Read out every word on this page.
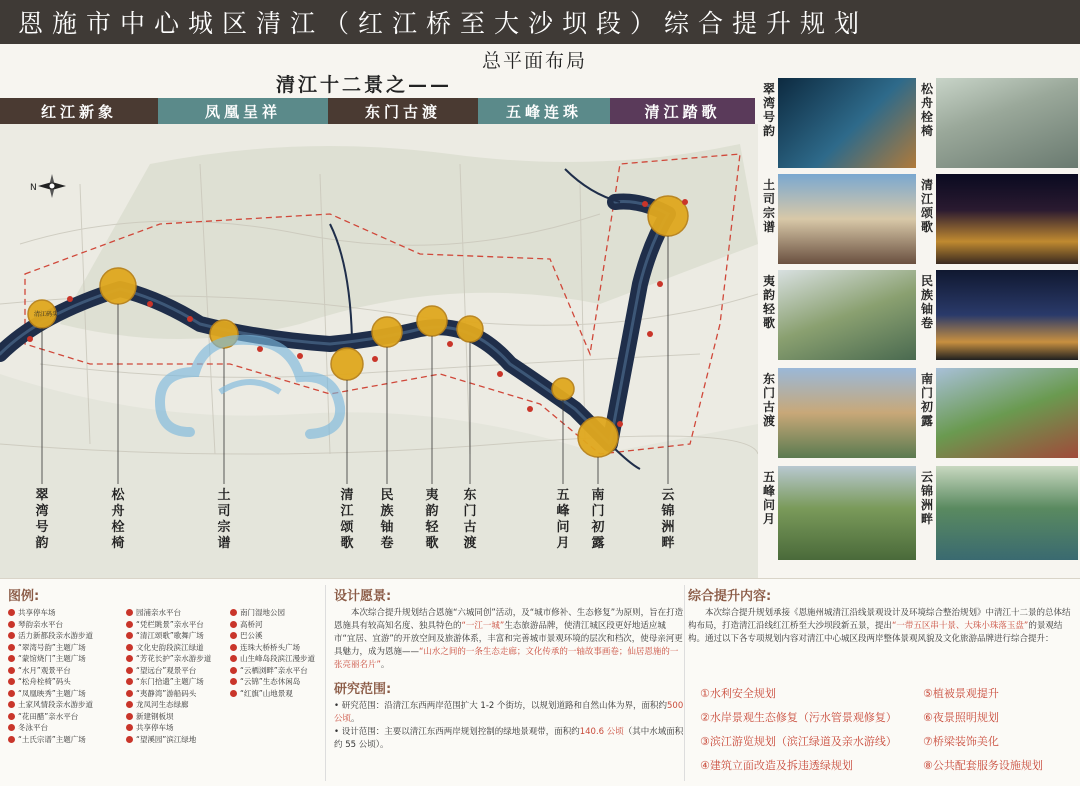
恩施市中心城区清江（红江桥至大沙坝段）综合提升规划
总平面布局
清江十二景之——
红江新象	凤凰呈祥	东门古渡	五峰连珠	清江踏歌
N
清江码头
翠湾号韵
松舟栓椅
土司宗谱
清江颂歌
民族铀卷
夷韵轻歌
东门古渡
五峰问月
南门初露
云锦洲畔
翠湾号韵
松舟栓椅
土司宗谱
清江颂歌
夷韵轻歌
民族铀卷
东门古渡
南门初露
五峰问月
云锦洲畔
图例:
共享停车场
琴韵亲水平台
活力新都段亲水游步道
“翠湾号韵”主题广场
“蒙馆烧门”主题广场
“水月”观景平台
“松舟栓椅”码头
“凤凰映秀”主题广场
土家风情段亲水游步道
“花田醋”亲水平台
冬泳平台
“土氏宗谱”主题广场
园浦亲水平台
“凭栏眺景”亲水平台
“清江颂歌”歌舞广场
文化史韵段滨江绿道
“芳花长护”亲水游步道
“望远台”观景平台
“东门拾遗”主题广场
“夷静湾”游船码头
龙凤河生态绿廊
新建钢板坝
共享停车场
“望溪园”滨江绿地
南门湿地公园
高桥河
巴公溪
连珠大桥桥头广场
山生峰岛段滨江漫步道
“云栖浏畔”亲水平台
“云锦”生态休闲岛
“红旗”山地景观
设计愿景:
本次综合提升规划结合恩施“六城同创”活动，及“城市修补、生态修复”为原则，旨在打造恩施具有较高知名度、独具特色的“一江一城”生态旅游品牌，使清江城区段更好地适应城市“宜居、宜游”的开放空间及旅游体系，丰富和完善城市景观环境的层次和档次，使母亲河更具魅力，成为恩施——“山水之间的一条生态走廊；文化传承的一轴故事画卷；仙居恩施的一张亮丽名片”。
研究范围:
• 研究范围：沿清江东西两岸范围扩大 1-2 个街坊，以规划道路和自然山体为界，面积约500 公顷。
• 设计范围：主要以清江东西两岸规划控制的绿地景观带，面积约140.6 公顷（其中水域面积约 55 公顷）。
综合提升内容:
本次综合提升规划承接《恩施州城清江沿线景观设计及环境综合整治规划》中清江十二景的总体结构布局，打造清江沿线红江桥至大沙坝段新五景，提出“一带五区串十景、大珠小珠落玉盘”的景观结构。通过以下各专项规划内容对清江中心城区段两岸整体景观风貌及文化旅游品牌进行综合提升：
①水利安全规划
②水岸景观生态修复（污水管景观修复）
③滨江游览规划（滨江绿道及亲水游线）
④建筑立面改造及拆违透绿规划
⑤植被景观提升
⑥夜景照明规划
⑦桥梁装饰美化
⑧公共配套服务设施规划
